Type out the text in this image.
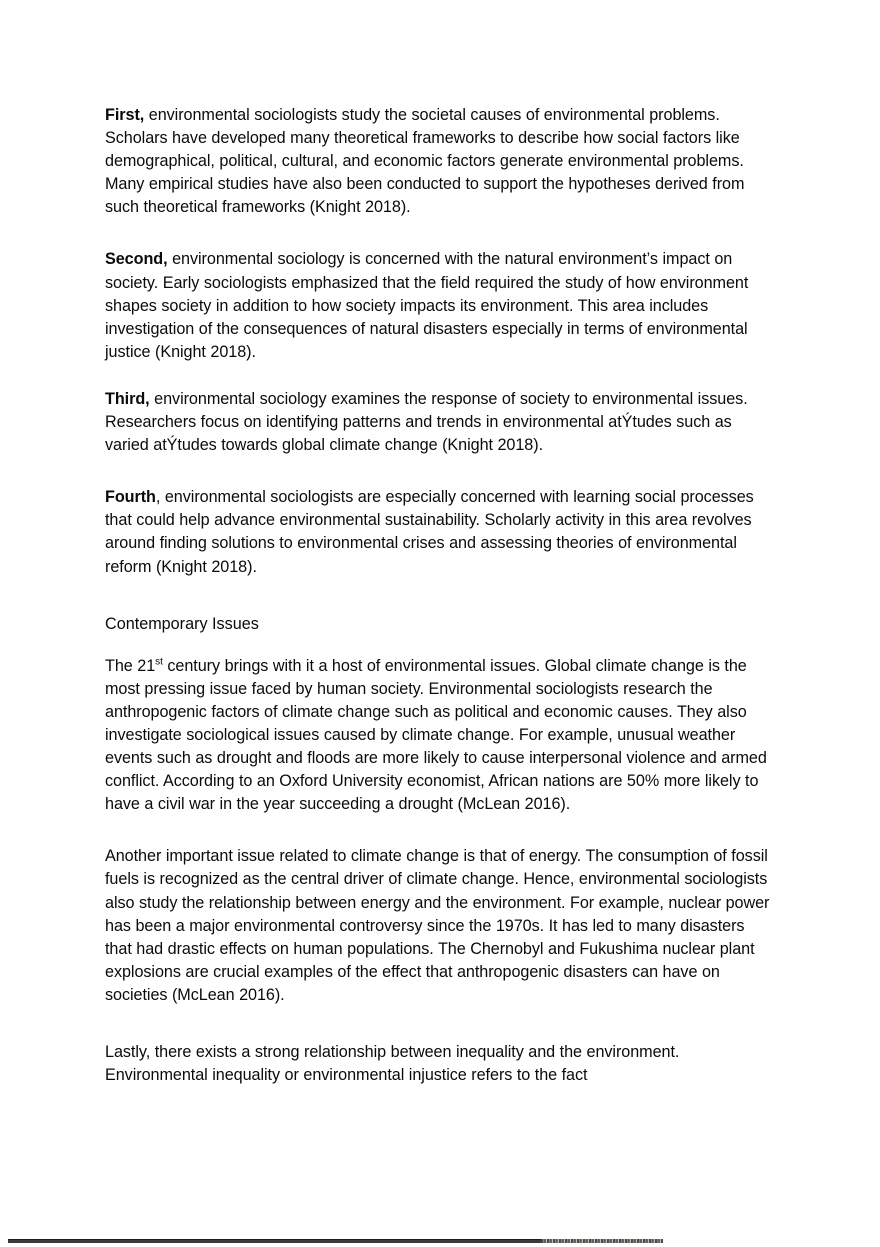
First, environmental sociologists study the societal causes of environmental problems. Scholars have developed many theoretical frameworks to describe how social factors like demographical, political, cultural, and economic factors generate environmental problems. Many empirical studies have also been conducted to support the hypotheses derived from such theoretical frameworks (Knight 2018).

Second, environmental sociology is concerned with the natural environment’s impact on society. Early sociologists emphasized that the field required the study of how environment shapes society in addition to how society impacts its environment. This area includes investigation of the consequences of natural disasters especially in terms of environmental justice (Knight 2018).

Third, environmental sociology examines the response of society to environmental issues. Researchers focus on identifying patterns and trends in environmental atÝtudes such as varied atÝtudes towards global climate change (Knight 2018).

Fourth, environmental sociologists are especially concerned with learning social processes that could help advance environmental sustainability. Scholarly activity in this area revolves around finding solutions to environmental crises and assessing theories of environmental reform (Knight 2018).

Contemporary Issues

The 21st century brings with it a host of environmental issues. Global climate change is the most pressing issue faced by human society. Environmental sociologists research the anthropogenic factors of climate change such as political and economic causes. They also investigate sociological issues caused by climate change. For example, unusual weather events such as drought and floods are more likely to cause interpersonal violence and armed conflict. According to an Oxford University economist, African nations are 50% more likely to have a civil war in the year succeeding a drought (McLean 2016).

Another important issue related to climate change is that of energy. The consumption of fossil fuels is recognized as the central driver of climate change. Hence, environmental sociologists also study the relationship between energy and the environment. For example, nuclear power has been a major environmental controversy since the 1970s. It has led to many disasters that had drastic effects on human populations. The Chernobyl and Fukushima nuclear plant explosions are crucial examples of the effect that anthropogenic disasters can have on societies (McLean 2016).

Lastly, there exists a strong relationship between inequality and the environment. Environmental inequality or environmental injustice refers to the fact
